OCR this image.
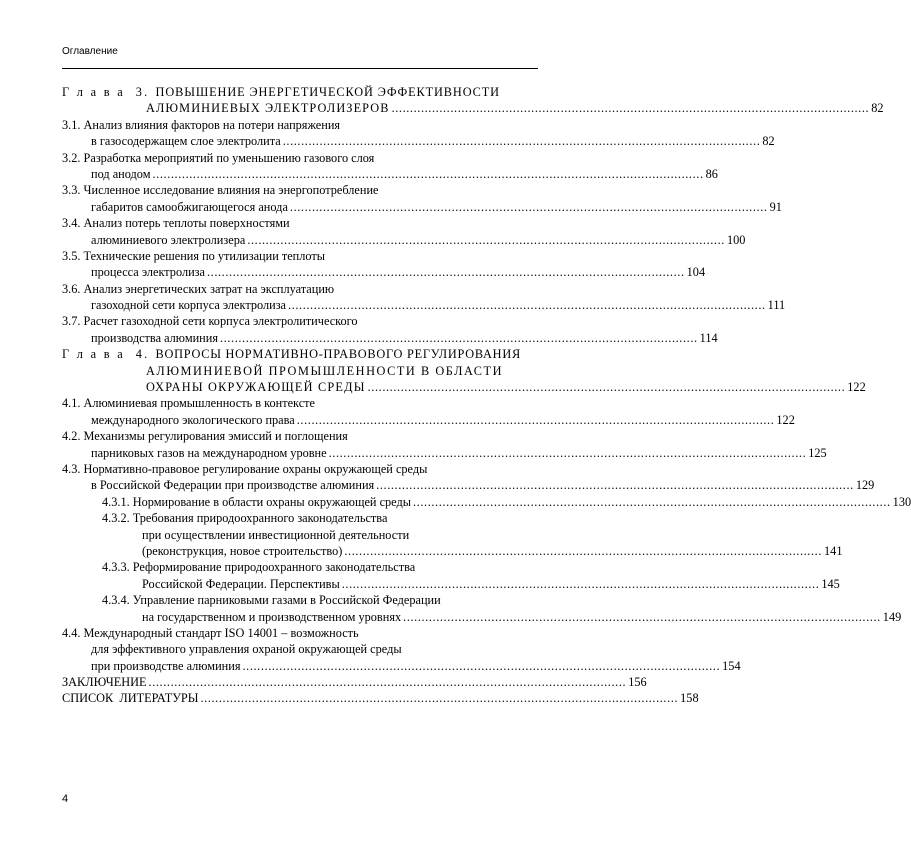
Оглавление
Г л а в а  3. ПОВЫШЕНИЕ ЭНЕРГЕТИЧЕСКОЙ ЭФФЕКТИВНОСТИ
АЛЮМИНИЕВЫХ ЭЛЕКТРОЛИЗЕРОВ .................................................................................................................................. 82
3.1. Анализ влияния факторов на потери напряжения
в газосодержащем слое электролита .................................................................................................................................. 82
3.2. Разработка мероприятий по уменьшению газового слоя
под анодом ...................................................................................................................................................... 86
3.3. Численное исследование влияния на энергопотребление
габаритов самообжигающегося анода .................................................................................................................................. 91
3.4. Анализ потерь теплоты поверхностями
алюминиевого электролизера .................................................................................................................................. 100
3.5. Технические решения по утилизации теплоты
процесса электролиза .................................................................................................................................. 104
3.6. Анализ энергетических затрат на эксплуатацию
газоходной сети корпуса электролиза .................................................................................................................................. 111
3.7. Расчет газоходной сети корпуса электролитического
производства алюминия .................................................................................................................................. 114
Г л а в а  4. ВОПРОСЫ НОРМАТИВНО-ПРАВОВОГО РЕГУЛИРОВАНИЯ
АЛЮМИНИЕВОЙ ПРОМЫШЛЕННОСТИ В ОБЛАСТИ
ОХРАНЫ ОКРУЖАЮЩЕЙ СРЕДЫ .................................................................................................................................. 122
4.1. Алюминиевая промышленность в контексте
международного экологического права .................................................................................................................................. 122
4.2. Механизмы регулирования эмиссий и поглощения
парниковых газов на международном уровне .................................................................................................................................. 125
4.3. Нормативно-правовое регулирование охраны окружающей среды
в Российской Федерации при производстве алюминия .................................................................................................................................. 129
4.3.1. Нормирование в области охраны окружающей среды .................................................................................................................................. 130
4.3.2. Требования природоохранного законодательства
при осуществлении инвестиционной деятельности
(реконструкция, новое строительство) .................................................................................................................................. 141
4.3.3. Реформирование природоохранного законодательства
Российской Федерации. Перспективы .................................................................................................................................. 145
4.3.4. Управление парниковыми газами в Российской Федерации
на государственном и производственном уровнях .................................................................................................................................. 149
4.4. Международный стандарт ISO 14001 – возможность
для эффективного управления охраной окружающей среды
при производстве алюминия .................................................................................................................................. 154
ЗАКЛЮЧЕНИЕ .................................................................................................................................. 156
СПИСОК  ЛИТЕРАТУРЫ .................................................................................................................................. 158
4
